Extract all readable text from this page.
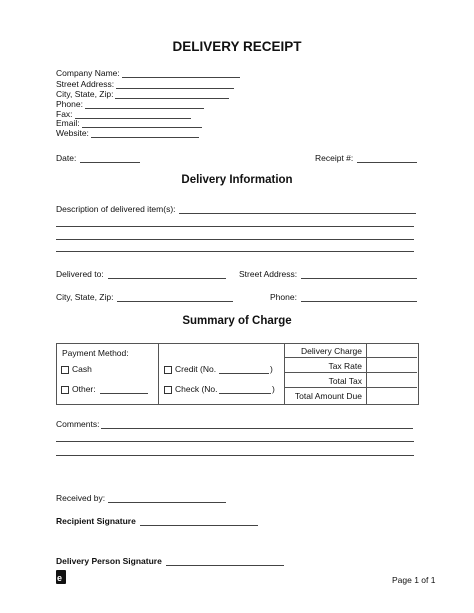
DELIVERY RECEIPT
Company Name:
Street Address:
City, State, Zip:
Phone:
Fax:
Email:
Website:
Date:	Receipt #:
Delivery Information
Description of delivered item(s):
Delivered to:	Street Address:
City, State, Zip:	Phone:
Summary of Charge
Payment Method:
Cash
Other:
Credit (No.	)
Check (No.	)
Delivery Charge
Tax Rate
Total Tax
Total Amount Due
Comments:
Received by:
Recipient Signature
Delivery Person Signature
e	Page 1 of 1
